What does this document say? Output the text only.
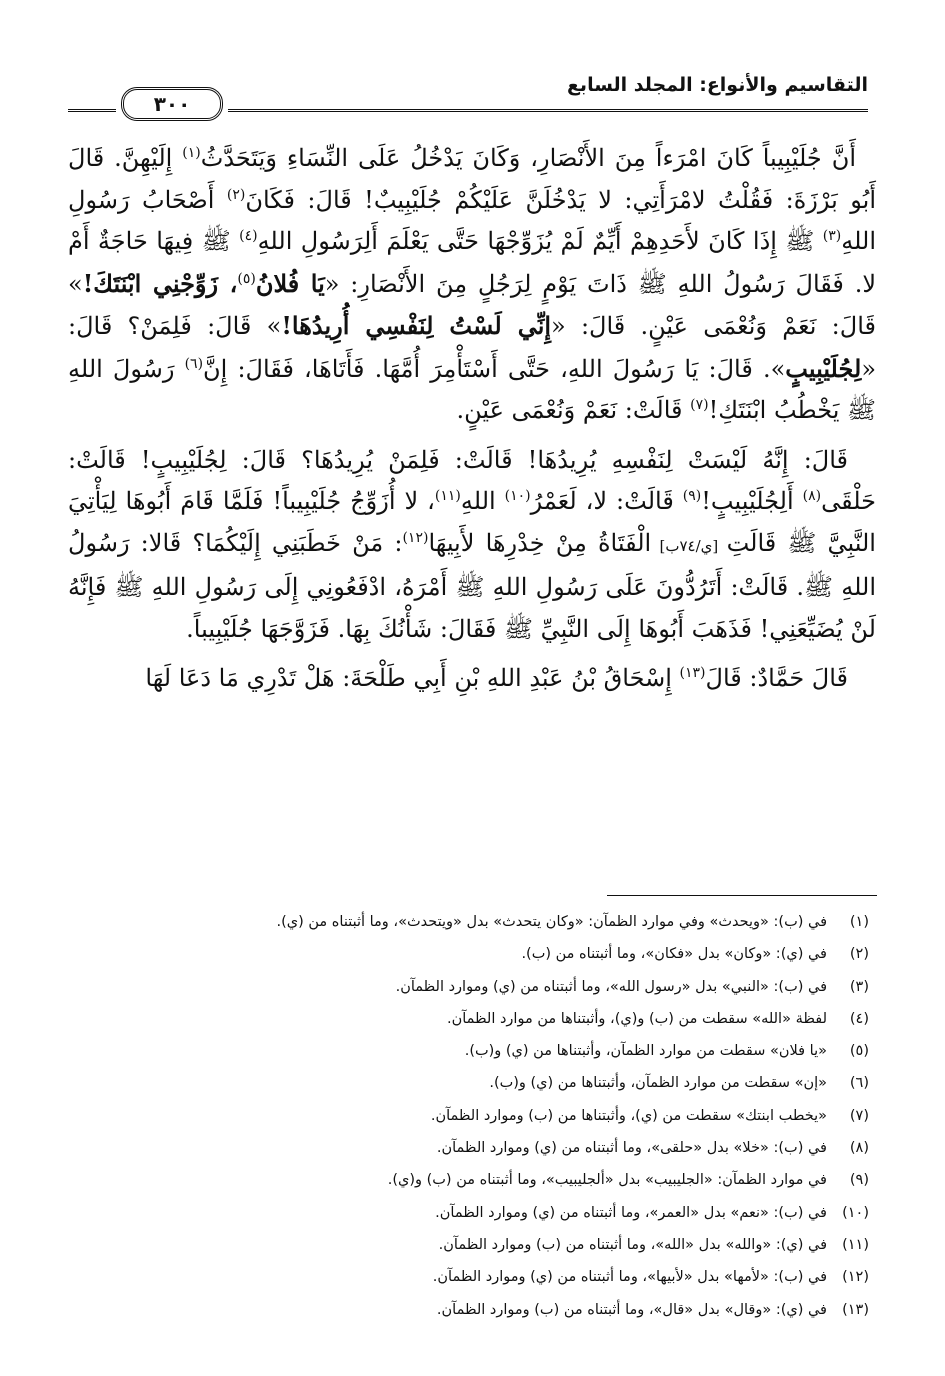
التقاسيم والأنواع: المجلد السابع
٣٠٠

أَنَّ جُلَيْبِيباً كَانَ امْرَءاً مِنَ الأَنْصَارِ، وَكَانَ يَدْخُلُ عَلَى النِّسَاءِ وَيَتَحَدَّثُ$^{(١)}$ إِلَيْهِنَّ. قَالَ أَبُو بَرْزَةَ: فَقُلْتُ لامْرَأَتِي: لا يَدْخُلَنَّ عَلَيْكُمْ جُلَيْبِيبٌ! قَالَ: فَكَانَ$^{(٢)}$ أَصْحَابُ رَسُولِ اللهِ$^{(٣)}$ ﷺ إِذَا كَانَ لأَحَدِهِمْ أَيِّمٌ لَمْ يُزَوِّجْهَا حَتَّى يَعْلَمَ أَلِرَسُولِ اللهِ$^{(٤)}$ ﷺ فِيهَا حَاجَةٌ أَمْ لا. فَقَالَ رَسُولُ اللهِ ﷺ ذَاتَ يَوْمٍ لِرَجُلٍ مِنَ الأَنْصَارِ: «يَا فُلانُ$^{(٥)}$، زَوِّجْنِي ابْنَتَكَ!» قَالَ: نَعَمْ وَنُعْمَى عَيْنٍ. قَالَ: «إِنِّي لَسْتُ لِنَفْسِي أُرِيدُهَا!» قَالَ: فَلِمَنْ؟ قَالَ: «لِجُلَيْبِيبٍ». قَالَ: يَا رَسُولَ اللهِ، حَتَّى أَسْتَأْمِرَ أُمَّهَا. فَأَتَاهَا، فَقَالَ: إِنَّ$^{(٦)}$ رَسُولَ اللهِ ﷺ يَخْطُبُ ابْنَتَكِ!$^{(٧)}$ قَالَتْ: نَعَمْ وَنُعْمَى عَيْنٍ.

قَالَ: إِنَّهُ لَيْسَتْ لِنَفْسِهِ يُرِيدُهَا! قَالَتْ: فَلِمَنْ يُرِيدُهَا؟ قَالَ: لِجُلَيْبِيبٍ! قَالَتْ: حَلْقَى$^{(٨)}$ أَلِجُلَيْبِيبٍ!$^{(٩)}$ قَالَتْ: لا، لَعَمْرُ$^{(١٠)}$ اللهِ$^{(١١)}$، لا أُزَوِّجُ جُلَيْبِيباً! فَلَمَّا قَامَ أَبُوهَا لِيَأْتِيَ النَّبِيَّ ﷺ قَالَتِ [ي/٧٤ب] الْفَتَاةُ مِنْ خِدْرِهَا لأَبِيهَا$^{(١٢)}$: مَنْ خَطَبَنِي إِلَيْكُمَا؟ قَالا: رَسُولُ اللهِ ﷺ. قَالَتْ: أَتَرُدُّونَ عَلَى رَسُولِ اللهِ ﷺ أَمْرَهُ، ادْفَعُونِي إِلَى رَسُولِ اللهِ ﷺ فَإِنَّهُ لَنْ يُضَيِّعَنِي! فَذَهَبَ أَبُوهَا إِلَى النَّبِيِّ ﷺ فَقَالَ: شَأْنُكَ بِهَا. فَزَوَّجَهَا جُلَيْبِيباً.

قَالَ حَمَّادٌ: قَالَ$^{(١٣)}$ إِسْحَاقُ بْنُ عَبْدِ اللهِ بْنِ أَبِي طَلْحَةَ: هَلْ تَدْرِي مَا دَعَا لَهَا

(١)في (ب): «ويحدث» وفي موارد الظمآن: «وكان يتحدث» بدل «ويتحدث»، وما أثبتناه من (ي).
(٢)في (ي): «وكان» بدل «فكان»، وما أثبتناه من (ب).
(٣)في (ب): «النبي» بدل «رسول الله»، وما أثبتناه من (ي) وموارد الظمآن.
(٤)لفظة «الله» سقطت من (ب) و(ي)، وأثبتناها من موارد الظمآن.
(٥)«يا فلان» سقطت من موارد الظمآن، وأثبتناها من (ي) و(ب).
(٦)«إن» سقطت من موارد الظمآن، وأثبتناها من (ي) و(ب).
(٧)«يخطب ابنتك» سقطت من (ي)، وأثبتناها من (ب) وموارد الظمآن.
(٨)في (ب): «خلا» بدل «حلقى»، وما أثبتناه من (ي) وموارد الظمآن.
(٩)في موارد الظمآن: «الجليبيب» بدل «ألجليبيب»، وما أثبتناه من (ب) و(ي).
(١٠)في (ب): «نعم» بدل «العمر»، وما أثبتناه من (ي) وموارد الظمآن.
(١١)في (ي): «والله» بدل «الله»، وما أثبتناه من (ب) وموارد الظمآن.
(١٢)في (ب): «لأمها» بدل «لأبيها»، وما أثبتناه من (ي) وموارد الظمآن.
(١٣)في (ي): «وقال» بدل «قال»، وما أثبتناه من (ب) وموارد الظمآن.
